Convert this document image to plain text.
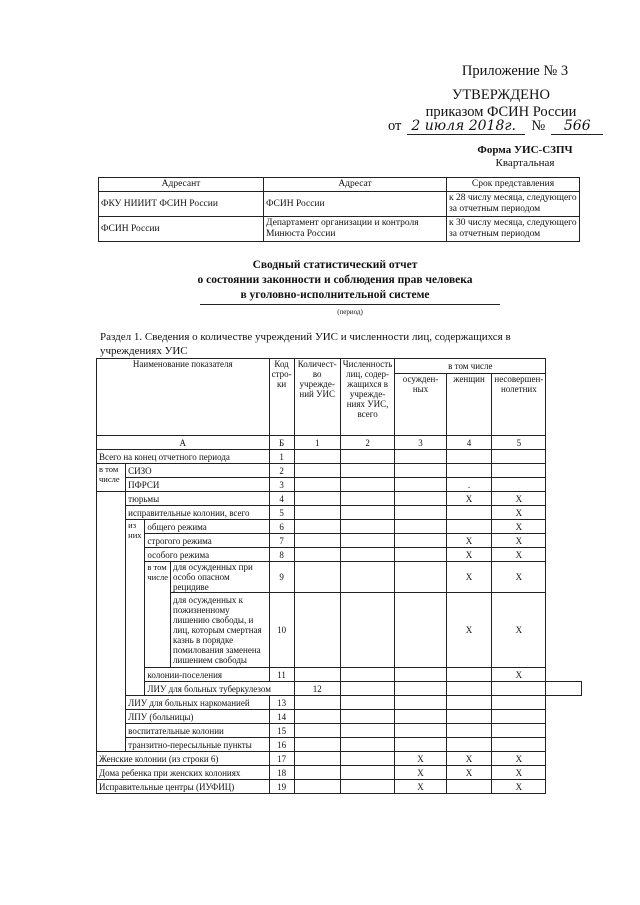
Приложение № 3
УТВЕРЖДЕНО
приказом ФСИН России
от 2 июля 2018г.	№	566
Форма УИС-СЗПЧ
Квартальная
Адресант	Адресат	Срок представления
ФКУ НИИИТ ФСИН России	ФСИН России	к 28 числу месяца, следующего за отчетным периодом
ФСИН России	Департамент организации и контроля Минюста России	к 30 числу месяца, следующего за отчетным периодом
Сводный статистический отчет
о состоянии законности и соблюдения прав человека
в уголовно-исполнительной системе
(период)
Раздел 1. Сведения о количестве учреждений УИС и численности лиц, содержащихся в учреждениях УИС
Наименование показателя				Код стро- ки	Количест- во учрежде- ний УИС	Численность лиц, содер- жащихся в учрежде- ниях УИС, всего	в том числе			
							осужден- ных	женщин	несовершен- нолетних	
А				Б	1	2	3	4	5	
Всего на конец отчетного периода				1						
в том числе	СИЗО			2						
	ПФРСИ			3				.		
	тюрьмы			4				X	X	
	исправительные колонии, всего			5					X	
	из них	общего режима		6					X	
		строгого режима		7				X	X	
		особого режима		8				X	X	
		в том числе	для осужденных при особо опасном рецидиве	9				X	X	
			для осужденных к пожизненному лишению свободы, и лиц, которым смертная казнь в порядке помилования заменена лишением свободы	10				X	X	
		колонии-поселения		11					X	
		ЛИУ для больных туберкулезом			12					
	ЛИУ для больных наркоманией			13						
	ЛПУ (больницы)			14						
	воспитательные колонии			15						
	транзитно-пересыльные пункты			16						
Женские колонии (из строки 6)				17			X	X	X	
Дома ребенка при женских колониях				18			X	X	X	
Исправительные центры (ИУФИЦ)				19			X		X	
